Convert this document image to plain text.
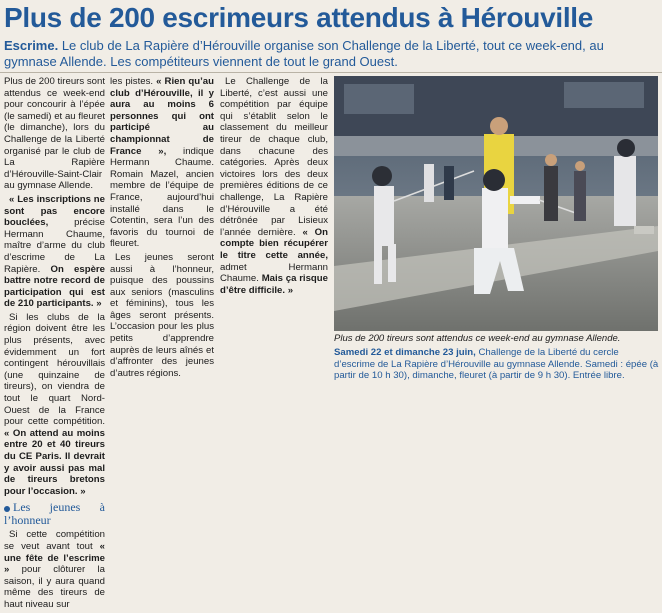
Plus de 200 escrimeurs attendus à Hérouville
Escrime. Le club de La Rapière d’Hérouville organise son Challenge de la Liberté, tout ce week-end, au gymnase Allende. Les compétiteurs viennent de tout le grand Ouest.

Plus de 200 tireurs sont attendus ce week-end pour concourir à l’épée (le samedi) et au fleuret (le dimanche), lors du Challenge de la Liberté organisé par le club de La Rapière d’Hérouville-Saint-Clair au gymnase Allende.

« Les inscriptions ne sont pas encore bouclées, précise Hermann Chaume, maître d’arme du club d’escrime de La Rapière. On espère battre notre record de participation qui est de 210 participants. »

Si les clubs de la région doivent être les plus présents, avec évidemment un fort contingent hérouvillais (une quinzaine de tireurs), on viendra de tout le quart Nord-Ouest de la France pour cette compétition. « On attend au moins entre 20 et 40 tireurs du CE Paris. Il devrait y avoir aussi pas mal de tireurs bretons pour l’occasion. »

Les jeunes à l’honneur

Si cette compétition se veut avant tout « une fête de l’escrime » pour clôturer la saison, il y aura quand même des tireurs de haut niveau sur

les pistes. « Rien qu’au club d’Hérouville, il y aura au moins 6 personnes qui ont participé au championnat de France », indique Hermann Chaume. Romain Mazel, ancien membre de l’équipe de France, aujourd’hui installé dans le Cotentin, sera l’un des favoris du tournoi de fleuret.

Les jeunes seront aussi à l’honneur, puisque des poussins aux seniors (masculins et féminins), tous les âges seront présents. L’occasion pour les plus petits d’apprendre auprès de leurs aînés et d’affronter des jeunes d’autres régions.

Le Challenge de la Liberté, c’est aussi une compétition par équipe qui s’établit selon le classement du meilleur tireur de chaque club, dans chacune des catégories. Après deux victoires lors des deux premières éditions de ce challenge, La Rapière d’Hérouville a été détrônée par Lisieux l’année dernière. « On compte bien récupérer le titre cette année, admet Hermann Chaume. Mais ça risque d’être difficile. »

Plus de 200 tireurs sont attendus ce week-end au gymnase Allende.
Samedi 22 et dimanche 23 juin, Challenge de la Liberté du cercle d’escrime de La Rapière d’Hérouville au gymnase Allende. Samedi : épée (à partir de 10 h 30), dimanche, fleuret (à partir de 9 h 30). Entrée libre.
